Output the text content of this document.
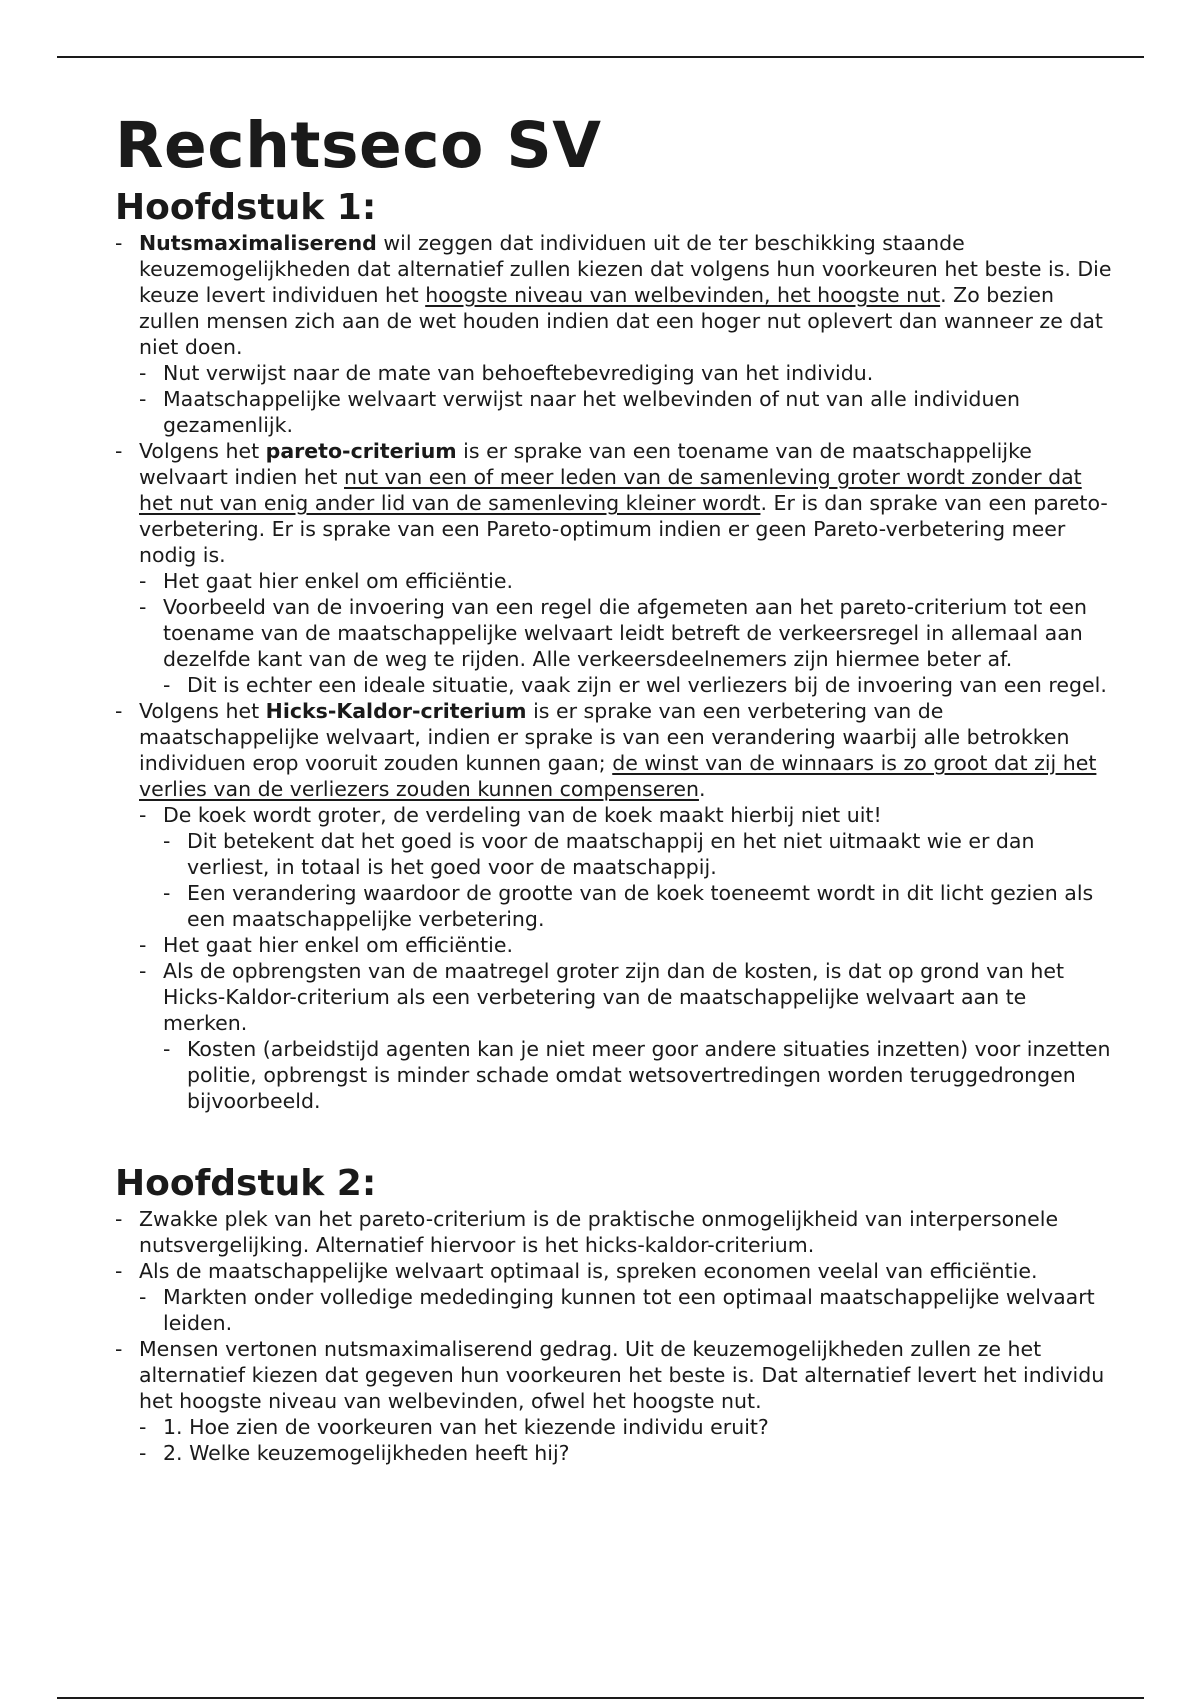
Rechtseco SV
Hoofdstuk 1:
- Nutsmaximaliserend wil zeggen dat individuen uit de ter beschikking staande keuzemogelijkheden dat alternatief zullen kiezen dat volgens hun voorkeuren het beste is. Die keuze levert individuen het hoogste niveau van welbevinden, het hoogste nut. Zo bezien zullen mensen zich aan de wet houden indien dat een hoger nut oplevert dan wanneer ze dat niet doen.
- Nut verwijst naar de mate van behoeftebevrediging van het individu.
- Maatschappelijke welvaart verwijst naar het welbevinden of nut van alle individuen gezamenlijk.
- Volgens het pareto-criterium is er sprake van een toename van de maatschappelijke welvaart indien het nut van een of meer leden van de samenleving groter wordt zonder dat het nut van enig ander lid van de samenleving kleiner wordt. Er is dan sprake van een pareto-verbetering. Er is sprake van een Pareto-optimum indien er geen Pareto-verbetering meer nodig is.
- Het gaat hier enkel om efficiëntie.
- Voorbeeld van de invoering van een regel die afgemeten aan het pareto-criterium tot een toename van de maatschappelijke welvaart leidt betreft de verkeersregel in allemaal aan dezelfde kant van de weg te rijden. Alle verkeersdeelnemers zijn hiermee beter af.
- Dit is echter een ideale situatie, vaak zijn er wel verliezers bij de invoering van een regel.
- Volgens het Hicks-Kaldor-criterium is er sprake van een verbetering van de maatschappelijke welvaart, indien er sprake is van een verandering waarbij alle betrokken individuen erop vooruit zouden kunnen gaan; de winst van de winnaars is zo groot dat zij het verlies van de verliezers zouden kunnen compenseren.
- De koek wordt groter, de verdeling van de koek maakt hierbij niet uit!
- Dit betekent dat het goed is voor de maatschappij en het niet uitmaakt wie er dan verliest, in totaal is het goed voor de maatschappij.
- Een verandering waardoor de grootte van de koek toeneemt wordt in dit licht gezien als een maatschappelijke verbetering.
- Het gaat hier enkel om efficiëntie.
- Als de opbrengsten van de maatregel groter zijn dan de kosten, is dat op grond van het Hicks-Kaldor-criterium als een verbetering van de maatschappelijke welvaart aan te merken.
- Kosten (arbeidstijd agenten kan je niet meer goor andere situaties inzetten) voor inzetten politie, opbrengst is minder schade omdat wetsovertredingen worden teruggedrongen bijvoorbeeld.
Hoofdstuk 2:
- Zwakke plek van het pareto-criterium is de praktische onmogelijkheid van interpersonele nutsvergelijking. Alternatief hiervoor is het hicks-kaldor-criterium.
- Als de maatschappelijke welvaart optimaal is, spreken economen veelal van efficiëntie.
- Markten onder volledige mededinging kunnen tot een optimaal maatschappelijke welvaart leiden.
- Mensen vertonen nutsmaximaliserend gedrag. Uit de keuzemogelijkheden zullen ze het alternatief kiezen dat gegeven hun voorkeuren het beste is. Dat alternatief levert het individu het hoogste niveau van welbevinden, ofwel het hoogste nut.
- 1. Hoe zien de voorkeuren van het kiezende individu eruit?
- 2. Welke keuzemogelijkheden heeft hij?
